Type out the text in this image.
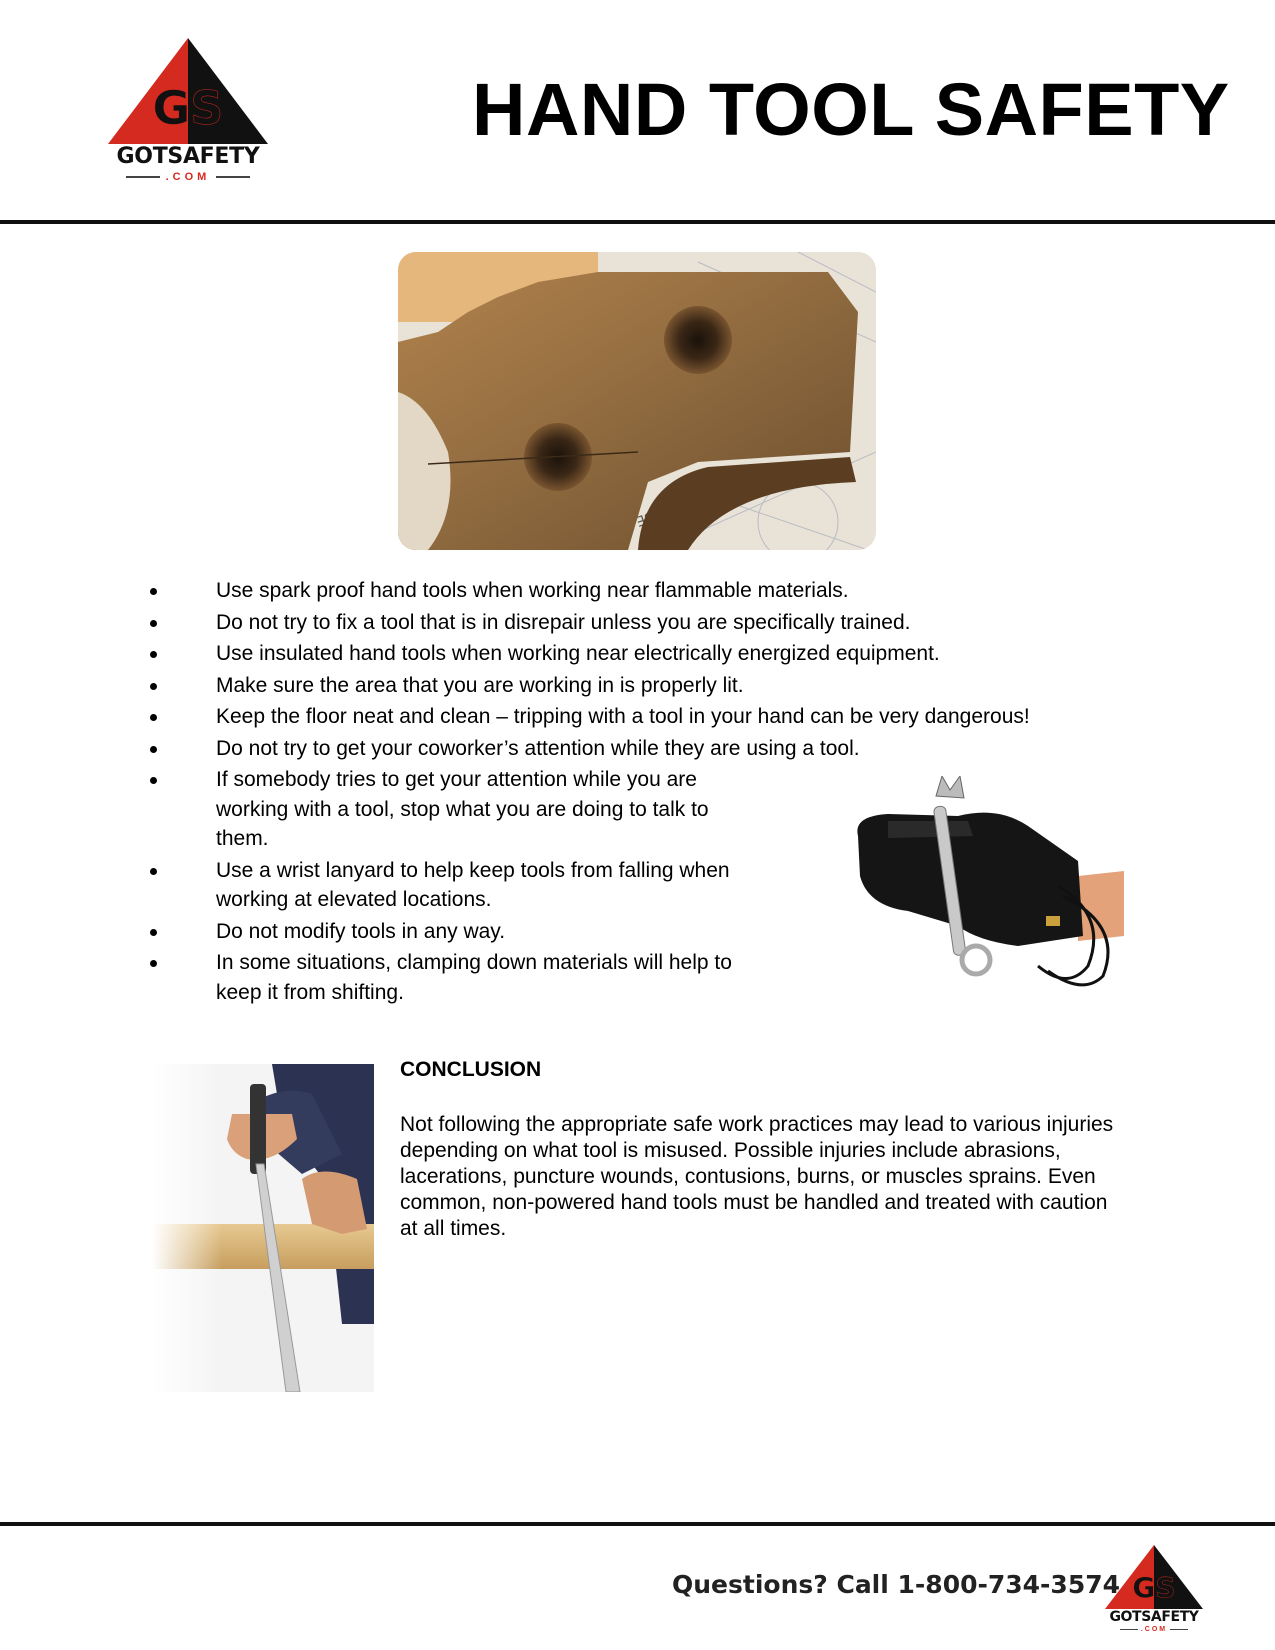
GS
GOTSAFETY
.COM
HAND TOOL SAFETY
Use spark proof hand tools when working near flammable materials.
Do not try to fix a tool that is in disrepair unless you are specifically trained.
Use insulated hand tools when working near electrically energized equipment.
Make sure the area that you are working in is properly lit.
Keep the floor neat and clean – tripping with a tool in your hand can be very dangerous!
Do not try to get your coworker’s attention while they are using a tool.
If somebody tries to get your attention while you are working with a tool, stop what you are doing to talk to them.
Use a wrist lanyard to help keep tools from falling when working at elevated locations.
Do not modify tools in any way.
In some situations, clamping down materials will help to keep it from shifting.
CONCLUSION
Not following the appropriate safe work practices may lead to various injuries depending on what tool is misused. Possible injuries include abrasions, lacerations, puncture wounds, contusions, burns, or muscles sprains. Even common, non-powered hand tools must be handled and treated with caution at all times.
Questions? Call 1-800-734-3574 GS
GOTSAFETY
.COM
